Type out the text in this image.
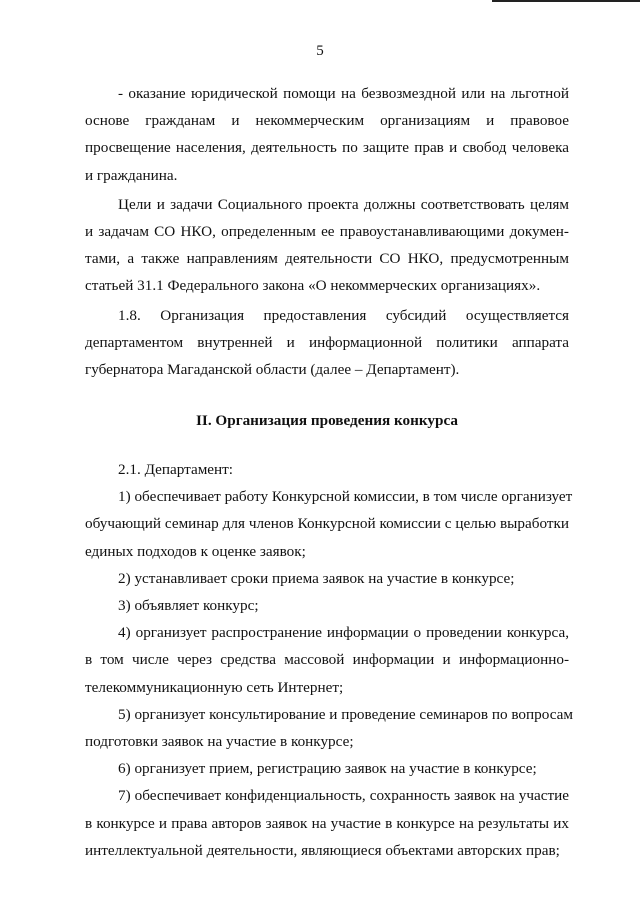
5
- оказание юридической помощи на безвозмездной или на льготной
основе гражданам и некоммерческим организациям и правовое
просвещение населения, деятельность по защите прав и свобод человека
и гражданина.
Цели и задачи Социального проекта должны соответствовать целям
и задачам СО НКО, определенным ее правоустанавливающими докумен-
тами, а также направлениям деятельности СО НКО, предусмотренным
статьей 31.1 Федерального закона «О некоммерческих организациях».
1.8. Организация предоставления субсидий осуществляется
департаментом внутренней и информационной политики аппарата
губернатора Магаданской области (далее – Департамент).
II. Организация проведения конкурса
2.1. Департамент:
1) обеспечивает работу Конкурсной комиссии, в том числе организует
обучающий семинар для членов Конкурсной комиссии с целью выработки
единых подходов к оценке заявок;
2) устанавливает сроки приема заявок на участие в конкурсе;
3) объявляет конкурс;
4) организует распространение информации о проведении конкурса,
в том числе через средства массовой информации и информационно-
телекоммуникационную сеть Интернет;
5) организует консультирование и проведение семинаров по вопросам
подготовки заявок на участие в конкурсе;
6) организует прием, регистрацию заявок на участие в конкурсе;
7) обеспечивает конфиденциальность, сохранность заявок на участие
в конкурсе и права авторов заявок на участие в конкурсе на результаты их
интеллектуальной деятельности, являющиеся объектами авторских прав;
